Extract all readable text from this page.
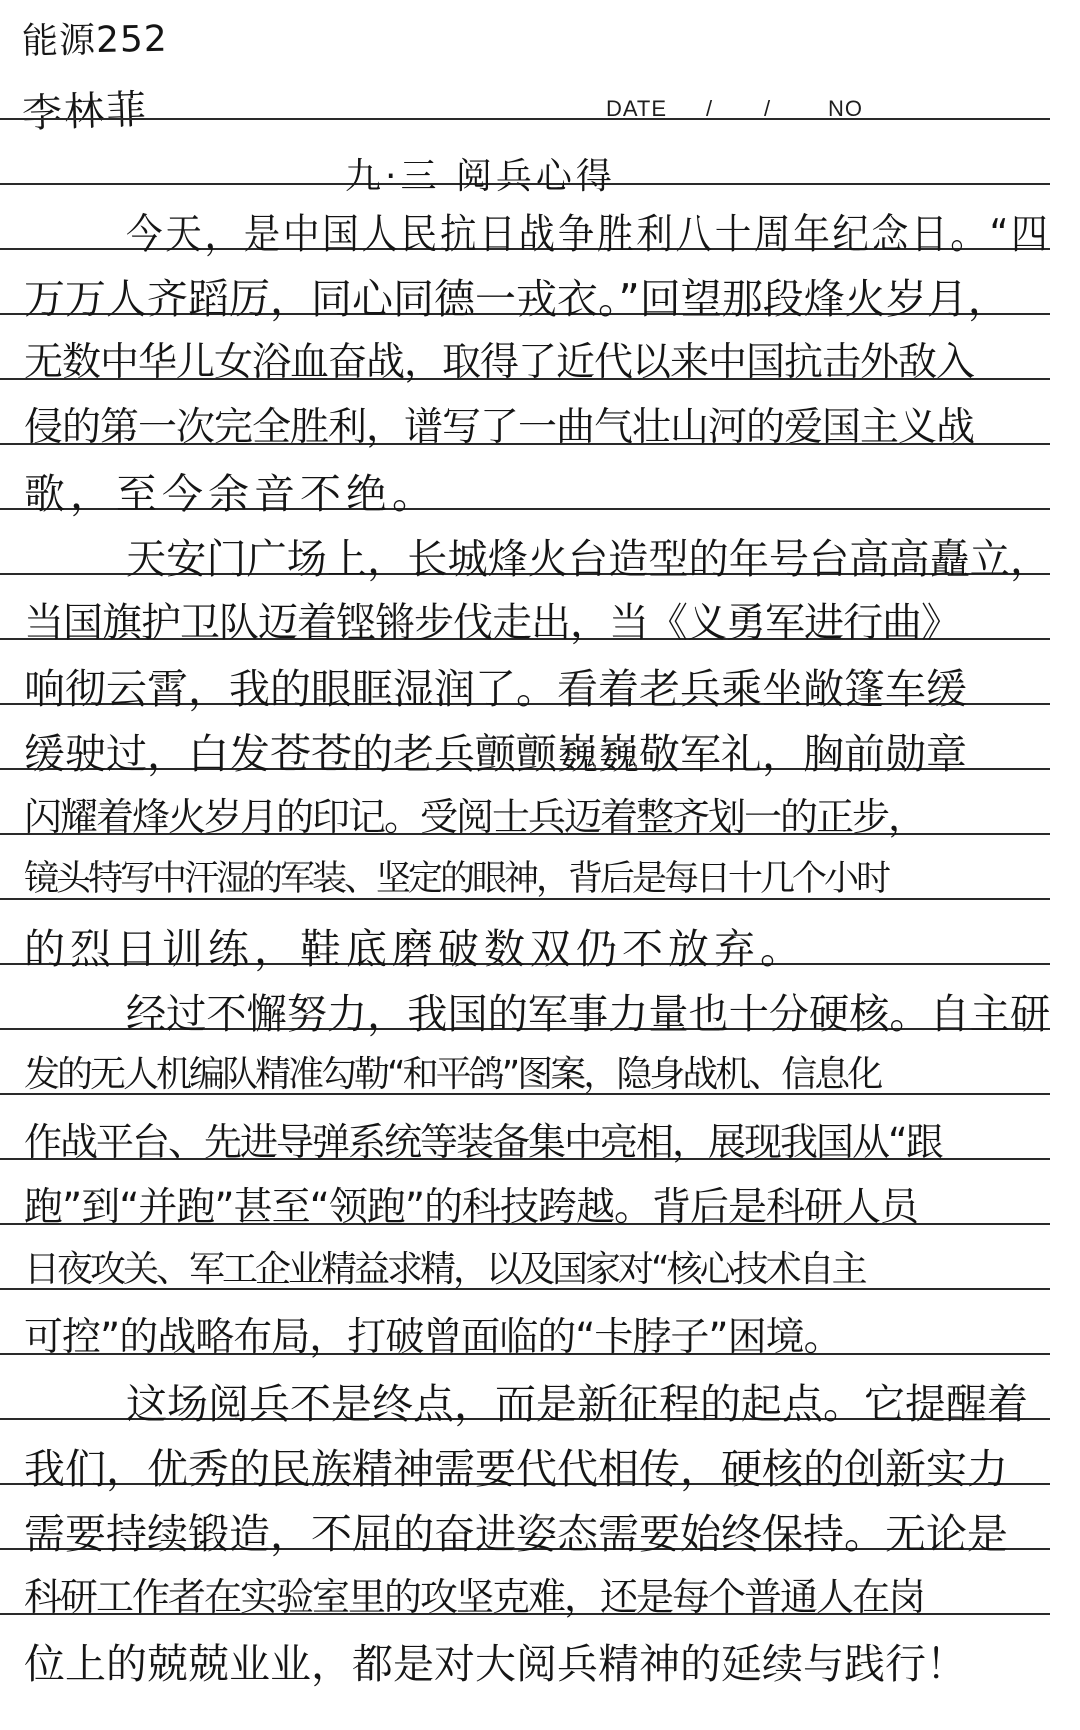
能源252
李林菲	DATE / /	NO
九·三 阅兵心得
今天，是中国人民抗日战争胜利八十周年纪念日。“四
万万人齐蹈厉，同心同德一戎衣。”回望那段烽火岁月，
无数中华儿女浴血奋战，取得了近代以来中国抗击外敌入
侵的第一次完全胜利，谱写了一曲气壮山河的爱国主义战
歌，至今余音不绝。
天安门广场上，长城烽火台造型的年号台高高矗立，
当国旗护卫队迈着铿锵步伐走出，当《义勇军进行曲》
响彻云霄，我的眼眶湿润了。看着老兵乘坐敞篷车缓
缓驶过，白发苍苍的老兵颤颤巍巍敬军礼，胸前勋章
闪耀着烽火岁月的印记。受阅士兵迈着整齐划一的正步，
镜头特写中汗湿的军装、坚定的眼神，背后是每日十几个小时
的烈日训练，鞋底磨破数双仍不放弃。
经过不懈努力，我国的军事力量也十分硬核。自主研
发的无人机编队精准勾勒“和平鸽”图案，隐身战机、信息化
作战平台、先进导弹系统等装备集中亮相，展现我国从“跟
跑”到“并跑”甚至“领跑”的科技跨越。背后是科研人员
日夜攻关、军工企业精益求精，以及国家对“核心技术自主
可控”的战略布局，打破曾面临的“卡脖子”困境。
这场阅兵不是终点，而是新征程的起点。它提醒着
我们，优秀的民族精神需要代代相传，硬核的创新实力
需要持续锻造，不屈的奋进姿态需要始终保持。无论是
科研工作者在实验室里的攻坚克难，还是每个普通人在岗
位上的兢兢业业，都是对大阅兵精神的延续与践行！
